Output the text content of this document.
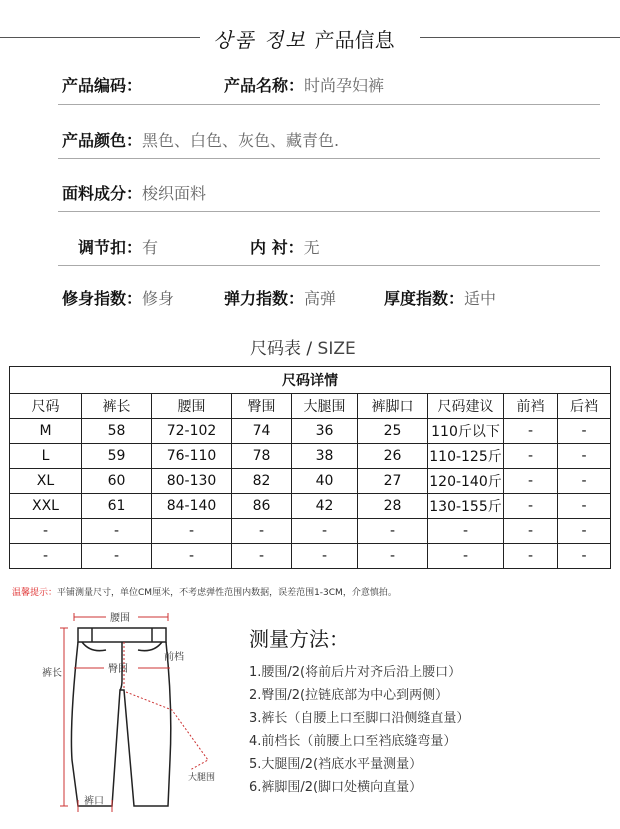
상품 정보 产品信息
产品编码：	产品名称：时尚孕妇裤
产品颜色：黑色、白色、灰色、藏青色.
面料成分：梭织面料
调节扣：有	内 衬：无
修身指数：修身	弹力指数：高弹	厚度指数：适中
尺码表 / SIZE
尺码详情								
尺码	裤长	腰围	臀围	大腿围	裤脚口	尺码建议	前裆	后裆
M	58	72-102	74	36	25	110斤以下	-	-
L	59	76-110	78	38	26	110-125斤	-	-
XL	60	80-130	82	40	27	120-140斤	-	-
XXL	61	84-140	86	42	28	130-155斤	-	-
-	-	-	-	-	-	-	-	-
-	-	-	-	-	-	-	-	-
温馨提示：平铺测量尺寸，单位CM厘米，不考虑弹性范围内数据，误差范围1-3CM，介意慎拍。
腰围
臀围
前档
裤长
大腿围
裤口
测量方法：
1.腰围/2(将前后片对齐后沿上腰口）
2.臀围/2(拉链底部为中心到两侧）
3.裤长（自腰上口至脚口沿侧缝直量）
4.前档长（前腰上口至裆底缝弯量）
5.大腿围/2(裆底水平量测量）
6.裤脚围/2(脚口处横向直量）
